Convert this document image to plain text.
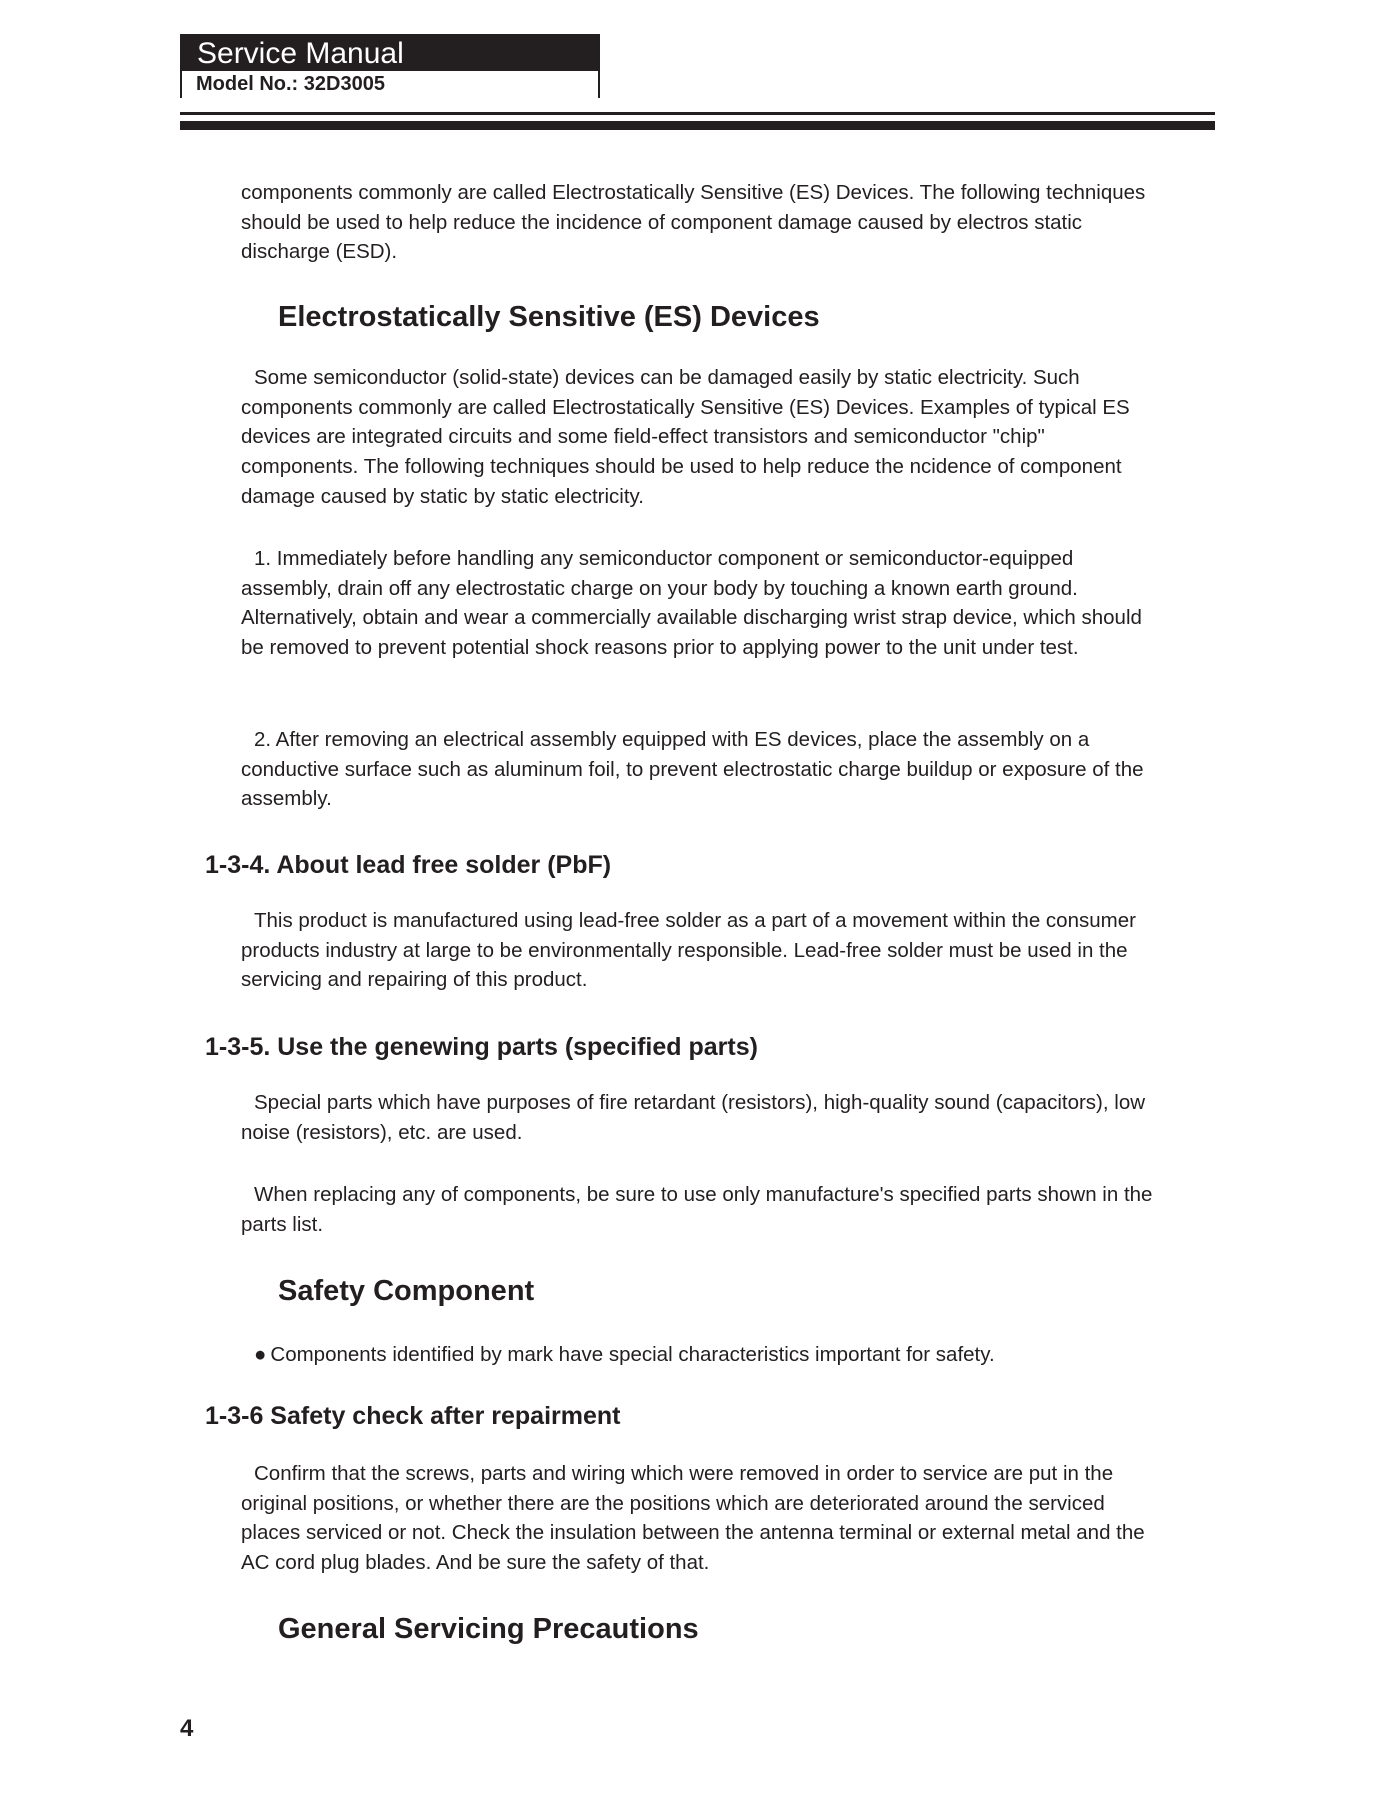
Service Manual
Model No.: 32D3005

components commonly are called Electrostatically Sensitive (ES) Devices. The following techniques should be used to help reduce the incidence of component damage caused by electros static discharge (ESD).

Electrostatically Sensitive (ES) Devices

Some semiconductor (solid-state) devices can be damaged easily by static electricity. Such components commonly are called Electrostatically Sensitive (ES) Devices. Examples of typical ES devices are integrated circuits and some field-effect transistors and semiconductor "chip" components. The following techniques should be used to help reduce the ncidence of component damage caused by static by static electricity.

1. Immediately before handling any semiconductor component or semiconductor-equipped assembly, drain off any electrostatic charge on your body by touching a known earth ground. Alternatively, obtain and wear a commercially available discharging wrist strap device, which should be removed to prevent potential shock reasons prior to applying power to the unit under test.

2. After removing an electrical assembly equipped with ES devices, place the assembly on a conductive surface such as aluminum foil, to prevent electrostatic charge buildup or exposure of the assembly.

1-3-4. About lead free solder (PbF)

This product is manufactured using lead-free solder as a part of a movement within the consumer products industry at large to be environmentally responsible. Lead-free solder must be used in the servicing and repairing of this product.

1-3-5. Use the genewing parts (specified parts)

Special parts which have purposes of fire retardant (resistors), high-quality sound (capacitors), low noise (resistors), etc. are used.

When replacing any of components, be sure to use only manufacture's specified parts shown in the parts list.

Safety Component

● Components identified by mark have special characteristics important for safety.

1-3-6 Safety check after repairment

Confirm that the screws, parts and wiring which were removed in order to service are put in the original positions, or whether there are the positions which are deteriorated around the serviced places serviced or not. Check the insulation between the antenna terminal or external metal and the AC cord plug blades. And be sure the safety of that.

General Servicing Precautions
4
